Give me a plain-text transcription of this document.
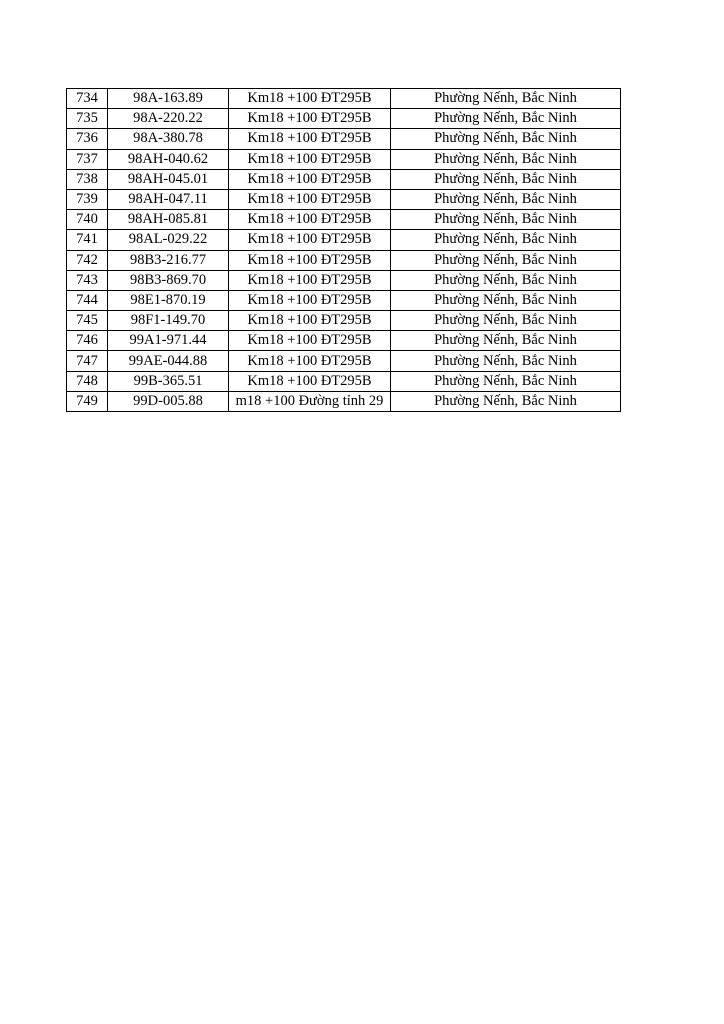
734	98A-163.89	Km18 +100 ĐT295B	Phường Nếnh, Bắc Ninh
735	98A-220.22	Km18 +100 ĐT295B	Phường Nếnh, Bắc Ninh
736	98A-380.78	Km18 +100 ĐT295B	Phường Nếnh, Bắc Ninh
737	98AH-040.62	Km18 +100 ĐT295B	Phường Nếnh, Bắc Ninh
738	98AH-045.01	Km18 +100 ĐT295B	Phường Nếnh, Bắc Ninh
739	98AH-047.11	Km18 +100 ĐT295B	Phường Nếnh, Bắc Ninh
740	98AH-085.81	Km18 +100 ĐT295B	Phường Nếnh, Bắc Ninh
741	98AL-029.22	Km18 +100 ĐT295B	Phường Nếnh, Bắc Ninh
742	98B3-216.77	Km18 +100 ĐT295B	Phường Nếnh, Bắc Ninh
743	98B3-869.70	Km18 +100 ĐT295B	Phường Nếnh, Bắc Ninh
744	98E1-870.19	Km18 +100 ĐT295B	Phường Nếnh, Bắc Ninh
745	98F1-149.70	Km18 +100 ĐT295B	Phường Nếnh, Bắc Ninh
746	99A1-971.44	Km18 +100 ĐT295B	Phường Nếnh, Bắc Ninh
747	99AE-044.88	Km18 +100 ĐT295B	Phường Nếnh, Bắc Ninh
748	99B-365.51	Km18 +100 ĐT295B	Phường Nếnh, Bắc Ninh
749	99D-005.88	m18 +100 Đường tỉnh 29	Phường Nếnh, Bắc Ninh
